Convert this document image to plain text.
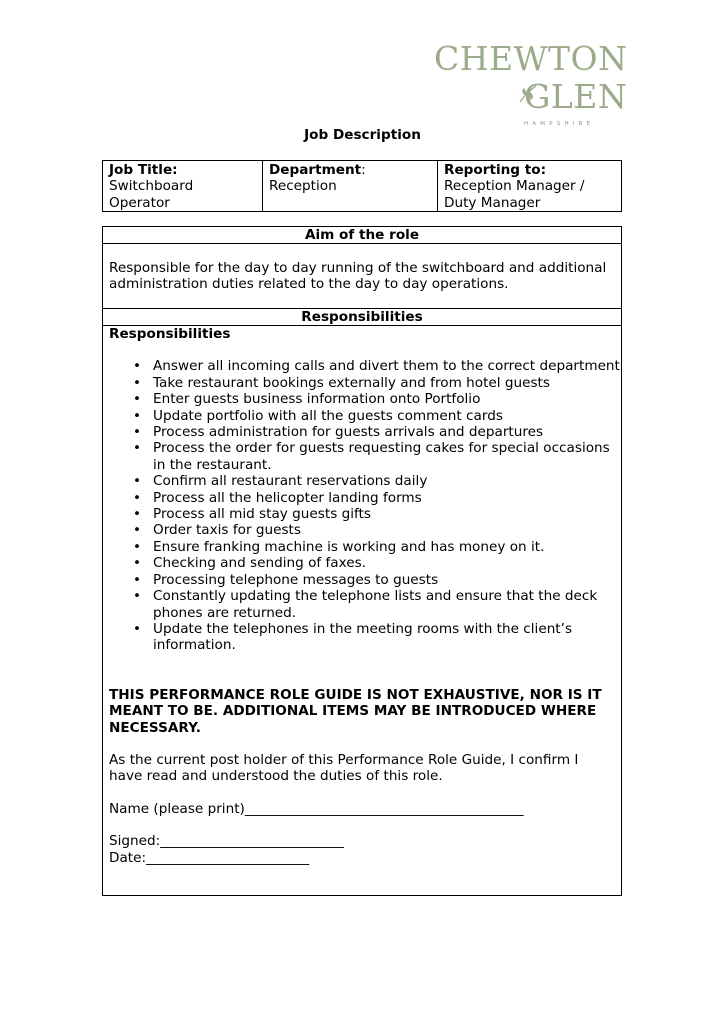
CHEWTON
GLEN
HAMPSHIRE
Job Description
Job Title:
Switchboard
Operator

Department:
Reception

Reporting to:
Reception Manager /
Duty Manager
Aim of the role
Responsible for the day to day running of the switchboard and additional administration duties related to the day to day operations.
Responsibilities
Responsibilities
• Answer all incoming calls and divert them to the correct department
• Take restaurant bookings externally and from hotel guests
• Enter guests business information onto Portfolio
• Update portfolio with all the guests comment cards
• Process administration for guests arrivals and departures
• Process the order for guests requesting cakes for special occasions in the restaurant.
• Confirm all restaurant reservations daily
• Process all the helicopter landing forms
• Process all mid stay guests gifts
• Order taxis for guests
• Ensure franking machine is working and has money on it.
• Checking and sending of faxes.
• Processing telephone messages to guests
• Constantly updating the telephone lists and ensure that the deck phones are returned.
• Update the telephones in the meeting rooms with the client’s information.
THIS PERFORMANCE ROLE GUIDE IS NOT EXHAUSTIVE, NOR IS IT MEANT TO BE. ADDITIONAL ITEMS MAY BE INTRODUCED WHERE NECESSARY.
As the current post holder of this Performance Role Guide, I confirm I have read and understood the duties of this role.
Name (please print)_________________________________________
Signed:___________________________
Date:________________________
